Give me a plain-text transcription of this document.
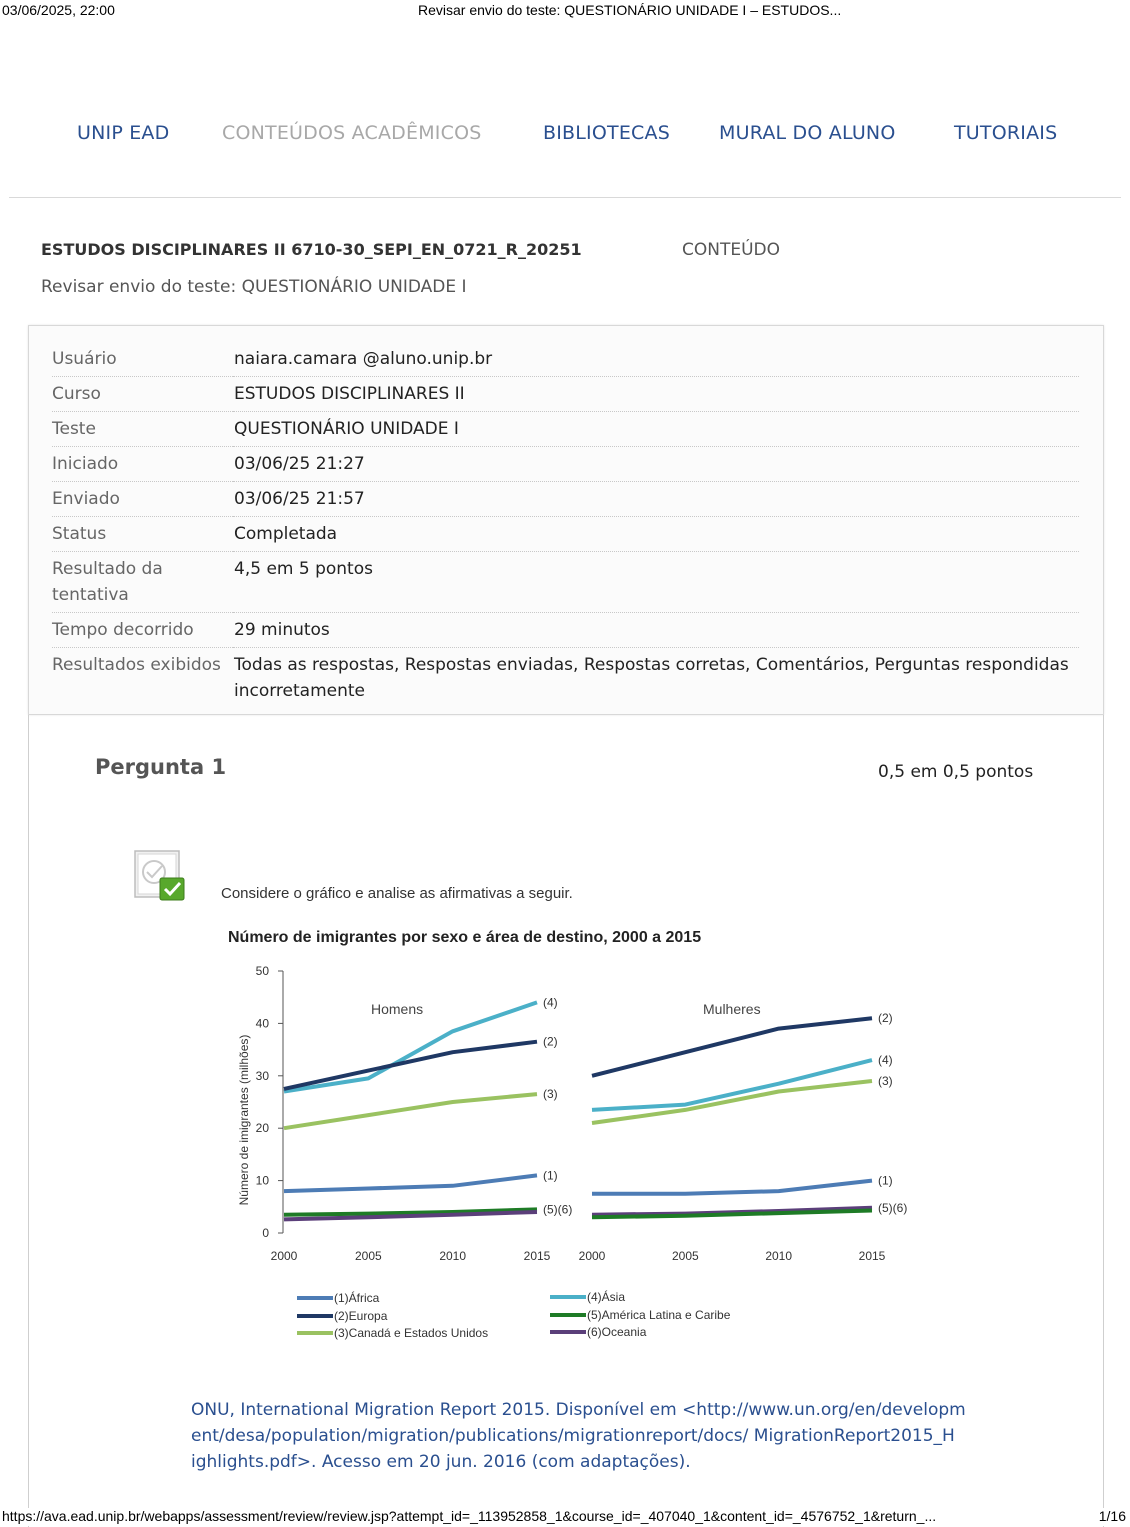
03/06/2025, 22:00	Revisar envio do teste: QUESTIONÁRIO UNIDADE I – ESTUDOS...
UNIP EAD	CONTEÚDOS ACADÊMICOS	BIBLIOTECAS	MURAL DO ALUNO	TUTORIAIS
ESTUDOS DISCIPLINARES II 6710-30_SEPI_EN_0721_R_20251	CONTEÚDO
Revisar envio do teste: QUESTIONÁRIO UNIDADE I
Usuário	naiara.camara @aluno.unip.br
Curso	ESTUDOS DISCIPLINARES II
Teste	QUESTIONÁRIO UNIDADE I
Iniciado	03/06/25 21:27
Enviado	03/06/25 21:57
Status	Completada
Resultado da tentativa	4,5 em 5 pontos
Tempo decorrido	29 minutos
Resultados exibidos	Todas as respostas, Respostas enviadas, Respostas corretas, Comentários, Perguntas respondidas incorretamente
Pergunta 1	0,5 em 0,5 pontos
Considere o gráfico e analise as afirmativas a seguir.
Número de imigrantes por sexo e área de destino, 2000 a 2015
Número de imigrantes (milhões)
Homens	Mulheres
0
10
20
30
40
50
2000	2005	2010	2015 2000	2005	2010	2015
(4)
(2)
(3)
(1)
(5)(6)
(2)
(4)
(3)
(1)
(5)(6)
(1)África
(2)Europa
(3)Canadá e Estados Unidos
(4)Ásia
(5)América Latina e Caribe
(6)Oceania
ONU, International Migration Report 2015. Disponível em <http://www.un.org/en/developm ent/desa/population/migration/publications/migrationreport/docs/ MigrationReport2015_H ighlights.pdf>. Acesso em 20 jun. 2016 (com adaptações).
https://ava.ead.unip.br/webapps/assessment/review/review.jsp?attempt_id=_113952858_1&course_id=_407040_1&content_id=_4576752_1&return_...	1/16
